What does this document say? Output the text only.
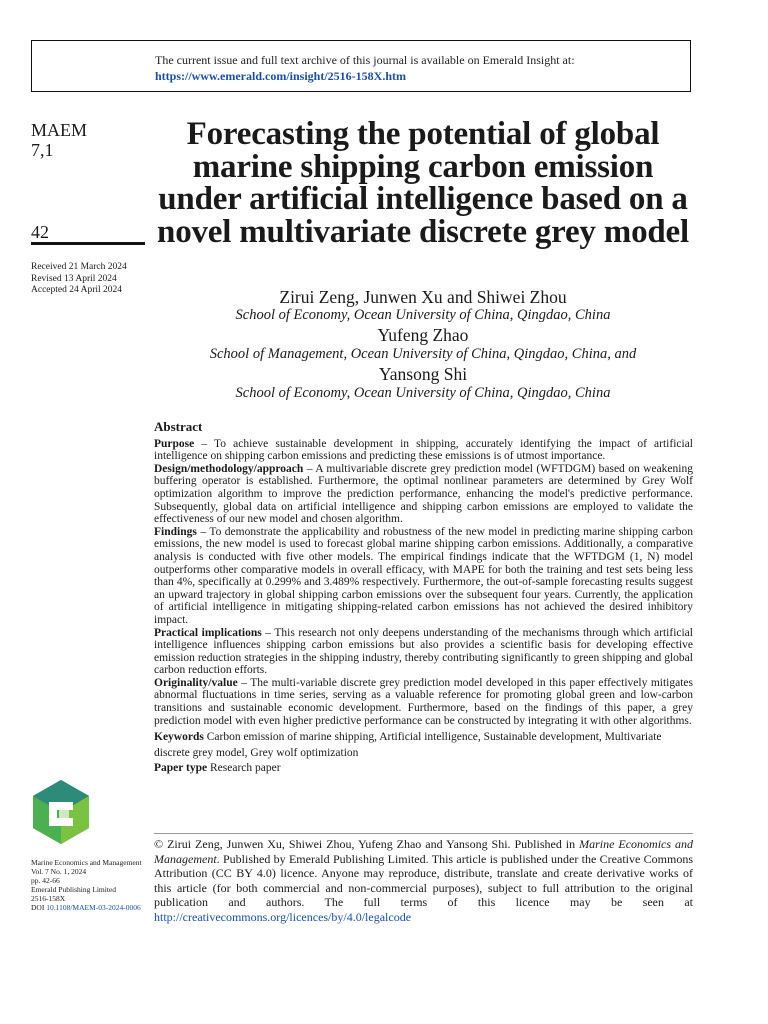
The current issue and full text archive of this journal is available on Emerald Insight at:
https://www.emerald.com/insight/2516-158X.htm
MAEM
7,1
42
Received 21 March 2024
Revised 13 April 2024
Accepted 24 April 2024
Forecasting the potential of global marine shipping carbon emission under artificial intelligence based on a novel multivariate discrete grey model
Zirui Zeng, Junwen Xu and Shiwei Zhou
School of Economy, Ocean University of China, Qingdao, China
Yufeng Zhao
School of Management, Ocean University of China, Qingdao, China, and
Yansong Shi
School of Economy, Ocean University of China, Qingdao, China
Abstract

Purpose – To achieve sustainable development in shipping, accurately identifying the impact of artificial intelligence on shipping carbon emissions and predicting these emissions is of utmost importance.

Design/methodology/approach – A multivariable discrete grey prediction model (WFTDGM) based on weakening buffering operator is established. Furthermore, the optimal nonlinear parameters are determined by Grey Wolf optimization algorithm to improve the prediction performance, enhancing the model's predictive performance. Subsequently, global data on artificial intelligence and shipping carbon emissions are employed to validate the effectiveness of our new model and chosen algorithm.

Findings – To demonstrate the applicability and robustness of the new model in predicting marine shipping carbon emissions, the new model is used to forecast global marine shipping carbon emissions. Additionally, a comparative analysis is conducted with five other models. The empirical findings indicate that the WFTDGM (1, N) model outperforms other comparative models in overall efficacy, with MAPE for both the training and test sets being less than 4%, specifically at 0.299% and 3.489% respectively. Furthermore, the out-of-sample forecasting results suggest an upward trajectory in global shipping carbon emissions over the subsequent four years. Currently, the application of artificial intelligence in mitigating shipping-related carbon emissions has not achieved the desired inhibitory impact.

Practical implications – This research not only deepens understanding of the mechanisms through which artificial intelligence influences shipping carbon emissions but also provides a scientific basis for developing effective emission reduction strategies in the shipping industry, thereby contributing significantly to green shipping and global carbon reduction efforts.

Originality/value – The multi-variable discrete grey prediction model developed in this paper effectively mitigates abnormal fluctuations in time series, serving as a valuable reference for promoting global green and low-carbon transitions and sustainable economic development. Furthermore, based on the findings of this paper, a grey prediction model with even higher predictive performance can be constructed by integrating it with other algorithms.

Keywords Carbon emission of marine shipping, Artificial intelligence, Sustainable development, Multivariate discrete grey model, Grey wolf optimization

Paper type Research paper

© Zirui Zeng, Junwen Xu, Shiwei Zhou, Yufeng Zhao and Yansong Shi. Published in Marine Economics and Management. Published by Emerald Publishing Limited. This article is published under the Creative Commons Attribution (CC BY 4.0) licence. Anyone may reproduce, distribute, translate and create derivative works of this article (for both commercial and non-commercial purposes), subject to full attribution to the original publication and authors. The full terms of this licence may be seen at http://creativecommons.org/licences/by/4.0/legalcode
Marine Economics and Management
Vol. 7 No. 1, 2024
pp. 42-66
Emerald Publishing Limited
2516-158X
DOI 10.1108/MAEM-03-2024-0006
